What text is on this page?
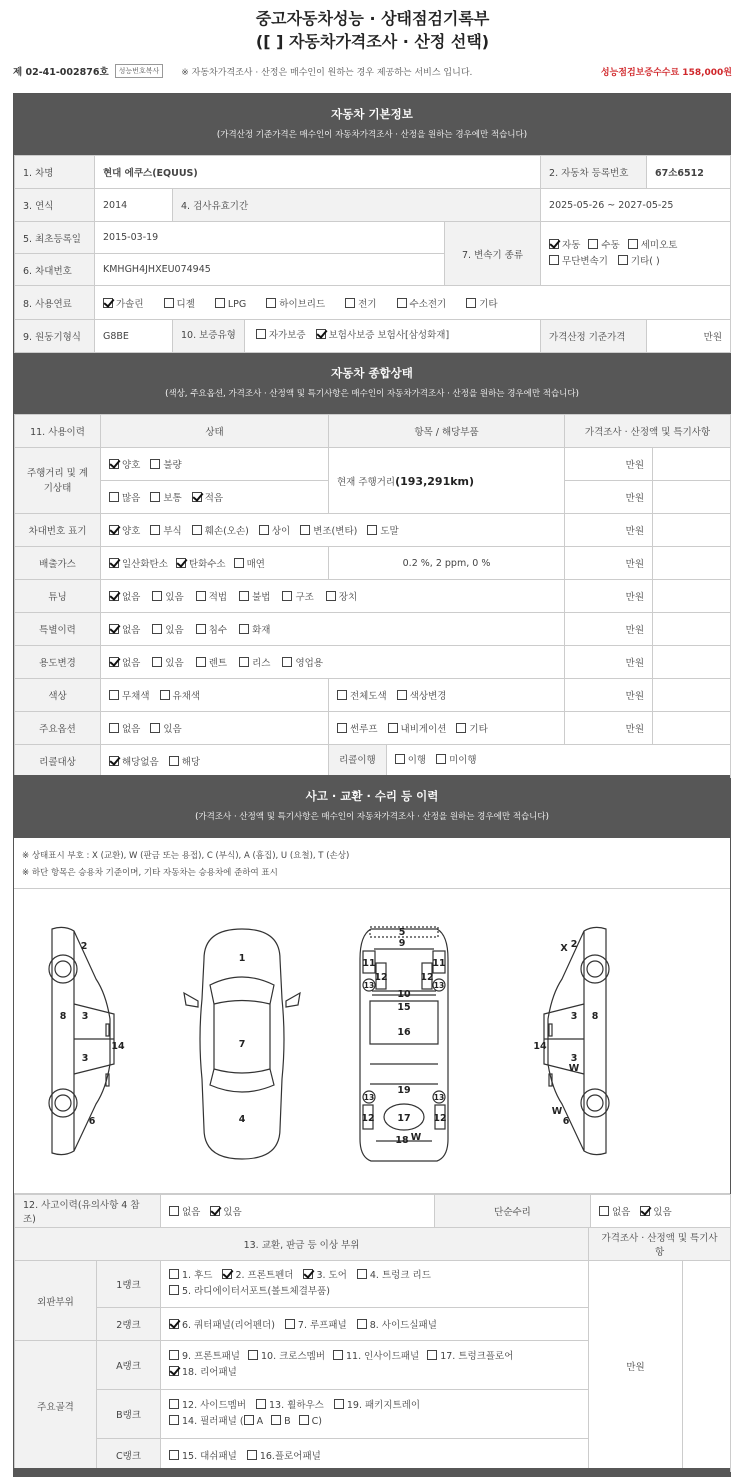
중고자동차성능 · 상태점검기록부
([ ] 자동차가격조사 · 산정 선택)
제 02-41-002876호	성능번호복사	※ 자동차가격조사 · 산정은 매수인이 원하는 경우 제공하는 서비스 입니다.	성능점검보증수수료 158,000원
자동차 기본정보
(가격산정 기준가격은 매수인이 자동차가격조사 · 산정을 원하는 경우에만 적습니다)
1. 차명	현대 에쿠스(EQUUS)			2. 자동차 등록번호	67소6512
3. 연식	2014	4. 검사유효기간		2025-05-26 ~ 2027-05-25	
5. 최초등록일	2015-03-19		7. 변속기 종류	자동 수동 세미오토
무단변속기 기타( )	
6. 차대번호	KMHGH4JHXEU074945				
8. 사용연료	가솔린 디젤 LPG 하이브리드 전기 수소전기 기타				
9. 원동기형식	G8BE	10. 보증유형 자가보증 보험사보증 보험사[삼성화재]		가격산정 기준가격	만원
자동차 종합상태
(색상, 주요옵션, 가격조사 · 산정액 및 특기사항은 매수인이 자동차가격조사 · 산정을 원하는 경우에만 적습니다)
11. 사용이력	상태	항목 / 해당부품	가격조사 · 산정액 및 특기사항	
주행거리 및 계기상태	양호 불량	현재 주행거리(193,291km)	만원	
	많음 보통 적음		만원	
차대번호 표기	양호 부식 훼손(오손) 상이 변조(변타) 도말		만원	
배출가스	일산화탄소 탄화수소 매연	0.2 %, 2 ppm, 0 %	만원	
튜닝	없음 있음 적법 불법 구조 장치		만원	
특별이력	없음 있음 침수 화재		만원	
용도변경	없음 있음 렌트 리스 영업용		만원	
색상	무채색 유채색	전체도색 색상변경	만원	
주요옵션	없음 있음	썬루프 내비게이션 기타	만원	
리콜대상	해당없음 해당	리콜이행 이행 미이행		
사고 · 교환 · 수리 등 이력
(가격조사 · 산정액 및 특기사항은 매수인이 자동차가격조사 · 산정을 원하는 경우에만 적습니다)
※ 상태표시 부호 : X (교환), W (판금 또는 용접), C (부식), A (흠집), U (요철), T (손상)
※ 하단 항목은 승용차 기준이며, 기타 자동차는 승용차에 준하여 표시
2
8 3
3
14
6
1
7
4
5
9
11	11
12	12
13	13
10
15
16
19
12	12
17
18
13	13
W
X 2
3 8
14
3
W
W
6
12. 사고이력(유의사항 4 참조)	없음 있음	단순수리	없음 있음
13. 교환, 판금 등 이상 부위			가격조사 · 산정액 및 특기사항	
외판부위	1랭크	1. 후드 2. 프론트펜더 3. 도어 4. 트렁크 리드
5. 라디에이터서포트(볼트체결부품)	만원	
	2랭크	6. 쿼터패널(리어펜더) 7. 루프패널 8. 사이드실패널		
주요골격	A랭크	9. 프론트패널 10. 크로스멤버 11. 인사이드패널 17. 트렁크플로어
18. 리어패널		
	B랭크	12. 사이드멤버 13. 휠하우스 19. 패키지트레이
14. 필러패널 ( A B C)		
	C랭크	15. 대쉬패널 16.플로어패널		
